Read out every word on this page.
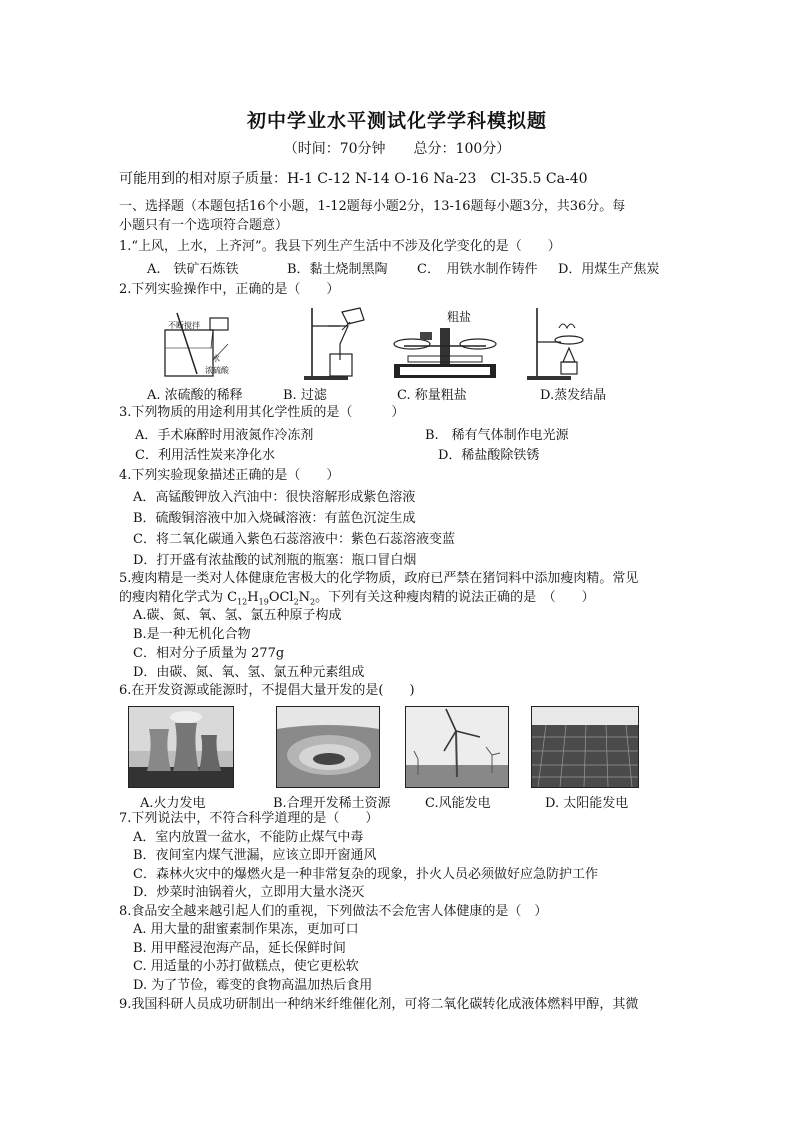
初中学业水平测试化学学科模拟题
（时间：70分钟　　总分：100分）
可能用到的相对原子质量：H-1 C-12 N-14 O-16 Na-23　Cl-35.5 Ca-40
一、选择题（本题包括16个小题，1-12题每小题2分，13-16题每小题3分，共36分。每
小题只有一个选项符合题意）
1.“上风，上水，上齐河”。我县下列生产生活中不涉及化学变化的是（　　）
A.　铁矿石炼铁	B．黏土烧制黑陶 C．　用铁水制作铸件 D．用煤生产焦炭
2.下列实验操作中，正确的是（　　）
不断搅拌
水
浓硫酸
粗盐
A. 浓硫酸的稀释	B. 过滤	C. 称量粗盐	D.蒸发结晶
3.下列物质的用途利用其化学性质的是（　　　）
A．手术麻醉时用液氮作冷冻剂	B.　稀有气体制作电光源
C．利用活性炭来净化水	D．稀盐酸除铁锈
4.下列实验现象描述正确的是（　　）
A．高锰酸钾放入汽油中：很快溶解形成紫色溶液
B．硫酸铜溶液中加入烧碱溶液：有蓝色沉淀生成
C．将二氧化碳通入紫色石蕊溶液中：紫色石蕊溶液变蓝
D．打开盛有浓盐酸的试剂瓶的瓶塞：瓶口冒白烟
5.瘦肉精是一类对人体健康危害极大的化学物质，政府已严禁在猪饲料中添加瘦肉精。常见
的瘦肉精化学式为 $C_{12}H_{19}OCl_2N_2$。下列有关这种瘦肉精的说法正确的是　（　　）
A.碳、氮、氧、氢、氯五种原子构成
B.是一种无机化合物
C．相对分子质量为 277g
D．由碳、氮、氧、氢、氯五种元素组成
6.在开发资源或能源时，不提倡大量开发的是(　　)
A.火力发电	B.合理开发稀土资源	C.风能发电	D. 太阳能发电
7.下列说法中，不符合科学道理的是（　　）
A．室内放置一盆水，不能防止煤气中毒
B．夜间室内煤气泄漏，应该立即开窗通风
C．森林火灾中的爆燃火是一种非常复杂的现象，扑火人员必须做好应急防护工作
D．炒菜时油锅着火，立即用大量水浇灭
8.食品安全越来越引起人们的重视，下列做法不会危害人体健康的是（　）
A. 用大量的甜蜜素制作果冻，更加可口
B. 用甲醛浸泡海产品，延长保鲜时间
C. 用适量的小苏打做糕点，使它更松软
D. 为了节俭，霉变的食物高温加热后食用
9.我国科研人员成功研制出一种纳米纤维催化剂，可将二氧化碳转化成液体燃料甲醇，其微
